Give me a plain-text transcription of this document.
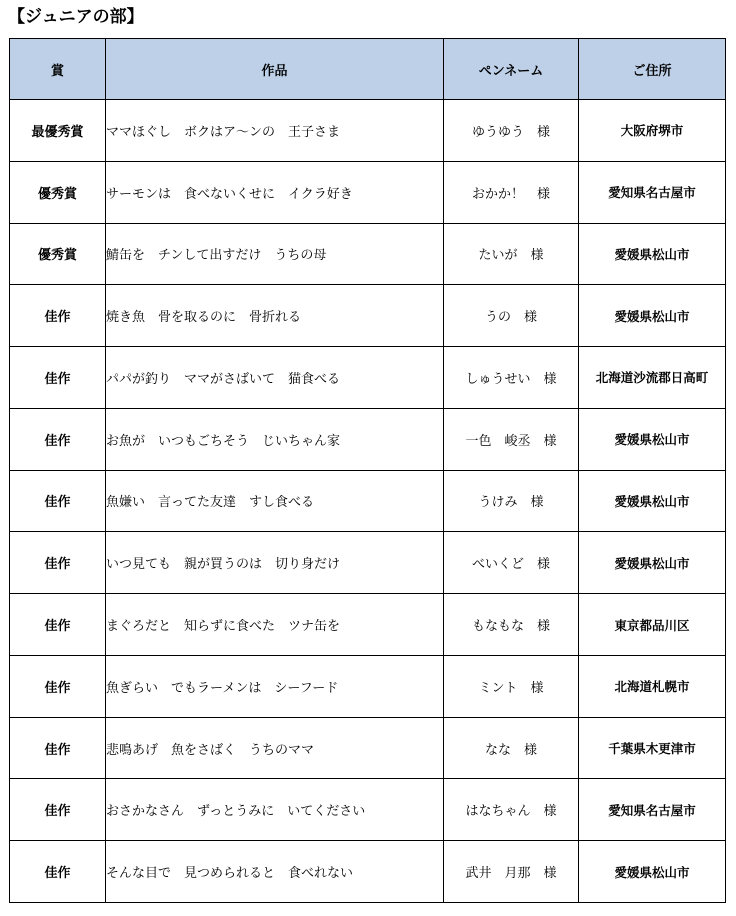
【ジュニアの部】
賞	作品	ペンネーム	ご住所
最優秀賞	ママほぐし　ボクはア～ンの　王子さま	ゆうゆう　様	大阪府堺市
優秀賞	サーモンは　食べないくせに　イクラ好き	おかか！　様	愛知県名古屋市
優秀賞	鯖缶を　チンして出すだけ　うちの母	たいが　様	愛媛県松山市
佳作	焼き魚　骨を取るのに　骨折れる	うの　様	愛媛県松山市
佳作	パパが釣り　ママがさばいて　猫食べる	しゅうせい　様	北海道沙流郡日高町
佳作	お魚が　いつもごちそう　じいちゃん家	一色　峻丞　様	愛媛県松山市
佳作	魚嫌い　言ってた友達　すし食べる	うけみ　様	愛媛県松山市
佳作	いつ見ても　親が買うのは　切り身だけ	べいくど　様	愛媛県松山市
佳作	まぐろだと　知らずに食べた　ツナ缶を	もなもな　様	東京都品川区
佳作	魚ぎらい　でもラーメンは　シーフード	ミント　様	北海道札幌市
佳作	悲鳴あげ　魚をさばく　うちのママ	なな　様	千葉県木更津市
佳作	おさかなさん　ずっとうみに　いてください	はなちゃん　様	愛知県名古屋市
佳作	そんな目で　見つめられると　食べれない	武井　月那　様	愛媛県松山市
